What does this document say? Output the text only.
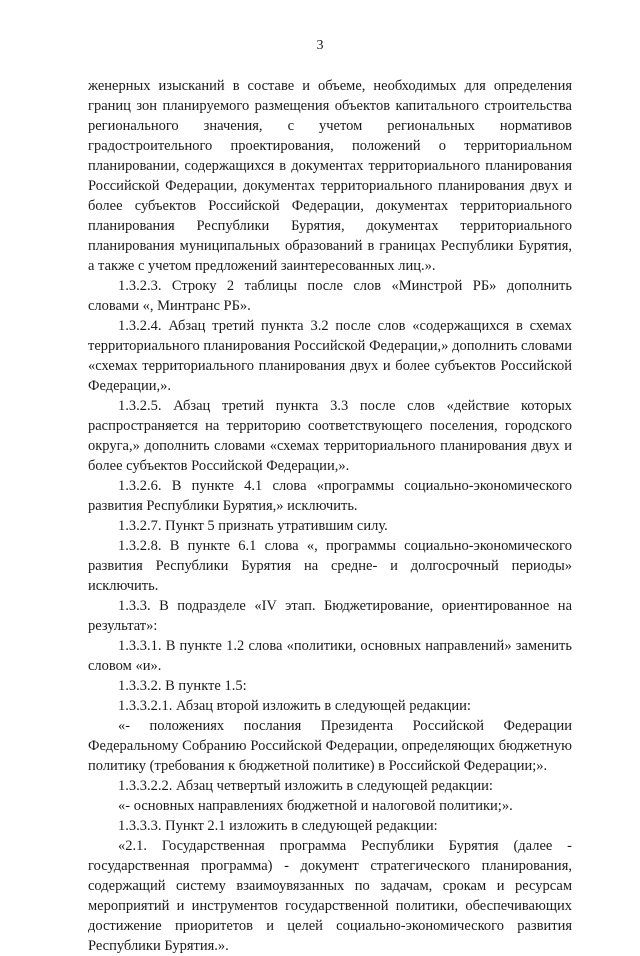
3

женерных изысканий в составе и объеме, необходимых для определения границ зон планируемого размещения объектов капитального строительства регионального значения, с учетом региональных нормативов градостроительного проектирования, положений о территориальном планировании, содержащихся в документах территориального планирования Российской Федерации, документах территориального планирования двух и более субъектов Российской Федерации, документах территориального планирования Республики Бурятия, документах территориального планирования муниципальных образований в границах Республики Бурятия, а также с учетом предложений заинтересованных лиц.».

1.3.2.3. Строку 2 таблицы после слов «Минстрой РБ» дополнить словами «, Минтранс РБ».

1.3.2.4. Абзац третий пункта 3.2 после слов «содержащихся в схемах территориального планирования Российской Федерации,» дополнить словами «схемах территориального планирования двух и более субъектов Российской Федерации,».

1.3.2.5. Абзац третий пункта 3.3 после слов «действие которых распространяется на территорию соответствующего поселения, городского округа,» дополнить словами «схемах территориального планирования двух и более субъектов Российской Федерации,».

1.3.2.6. В пункте 4.1 слова «программы социально-экономического развития Республики Бурятия,» исключить.

1.3.2.7. Пункт 5 признать утратившим силу.

1.3.2.8. В пункте 6.1 слова «, программы социально-экономического развития Республики Бурятия на средне- и долгосрочный периоды» исключить.

1.3.3. В подразделе «IV этап. Бюджетирование, ориентированное на результат»:

1.3.3.1. В пункте 1.2 слова «политики, основных направлений» заменить словом «и».

1.3.3.2. В пункте 1.5:

1.3.3.2.1. Абзац второй изложить в следующей редакции:

«- положениях послания Президента Российской Федерации Федеральному Собранию Российской Федерации, определяющих бюджетную политику (требования к бюджетной политике) в Российской Федерации;».

1.3.3.2.2. Абзац четвертый изложить в следующей редакции:

«- основных направлениях бюджетной и налоговой политики;».

1.3.3.3. Пункт 2.1 изложить в следующей редакции:

«2.1. Государственная программа Республики Бурятия (далее - государственная программа) - документ стратегического планирования, содержащий систему взаимоувязанных по задачам, срокам и ресурсам мероприятий и инструментов государственной политики, обеспечивающих достижение приоритетов и целей социально-экономического развития Республики Бурятия.».
